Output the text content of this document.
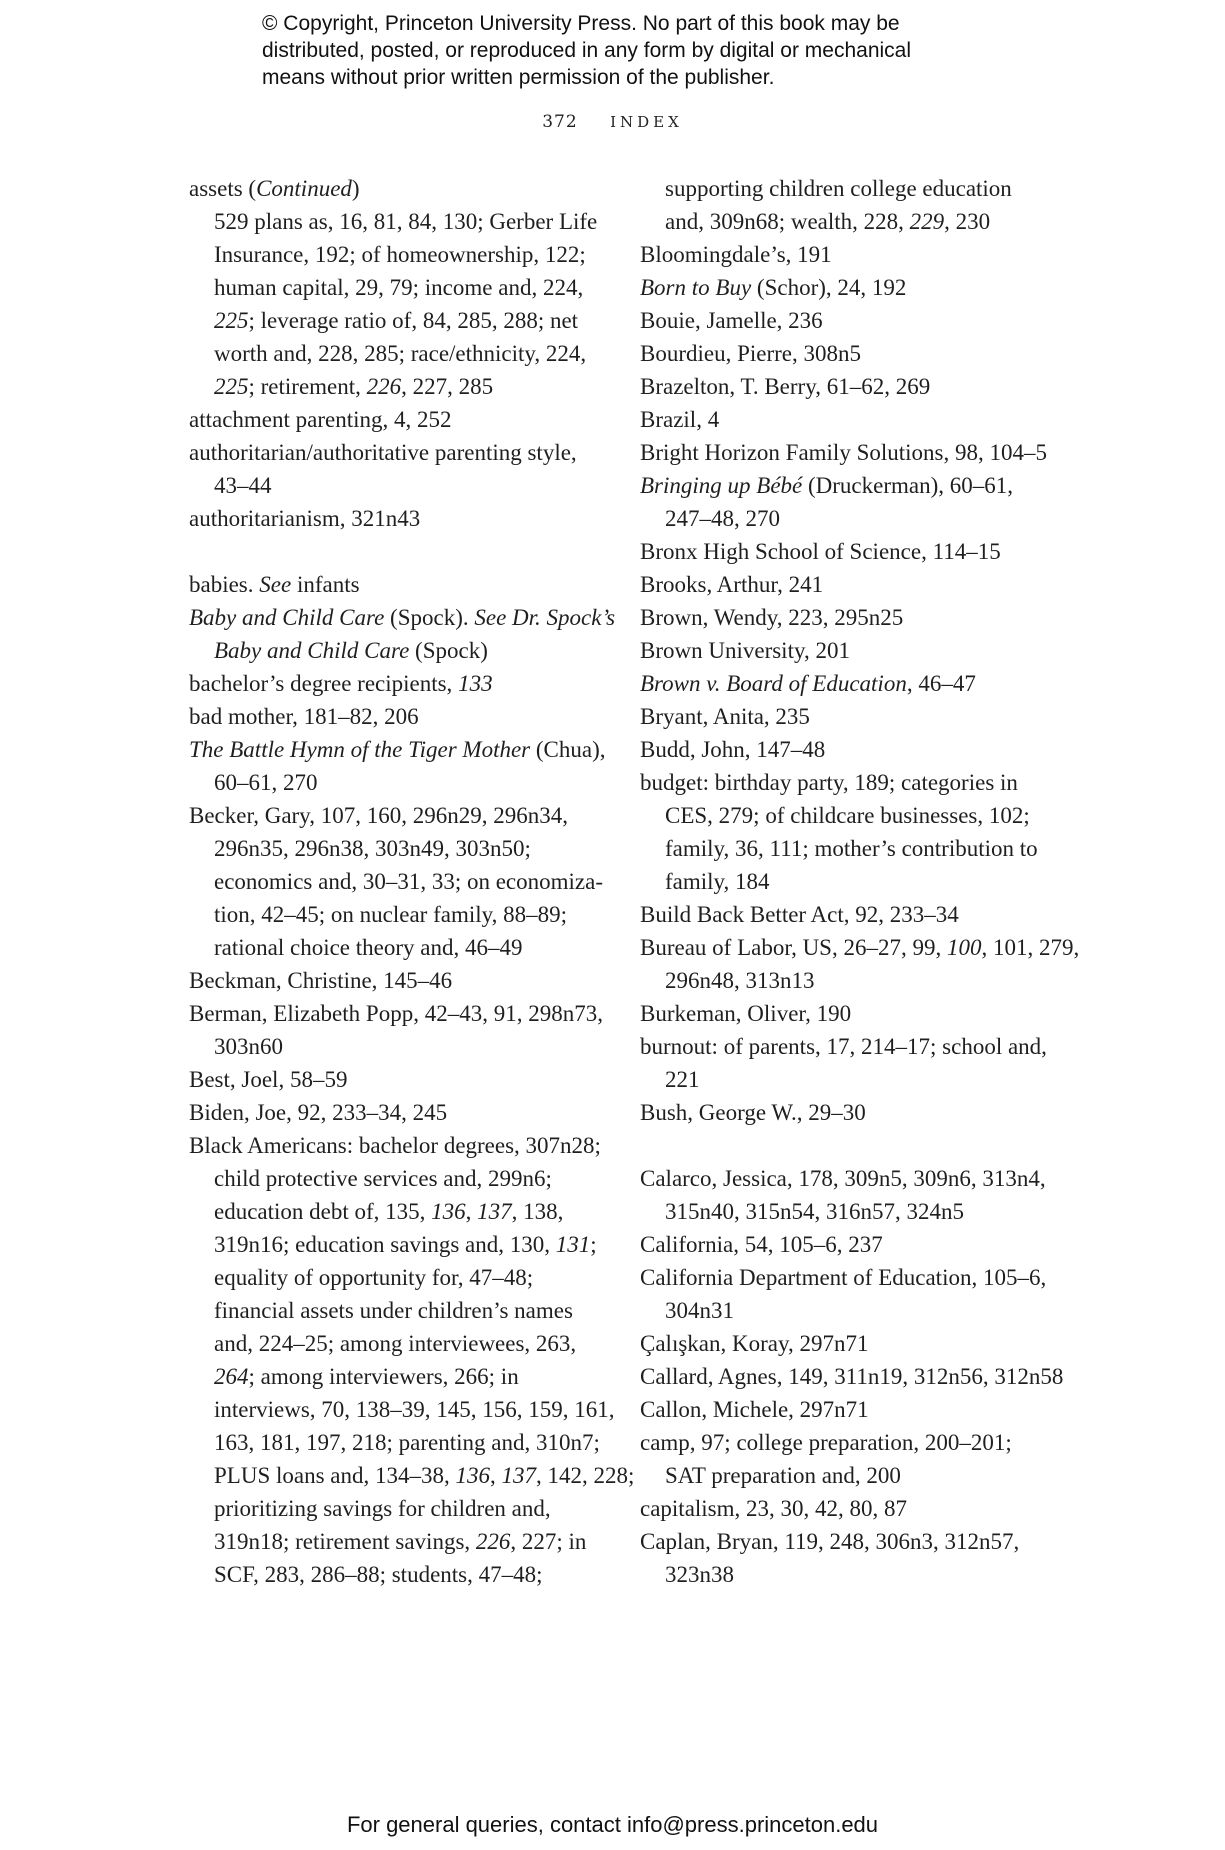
© Copyright, Princeton University Press. No part of this book may be
distributed, posted, or reproduced in any form by digital or mechanical
means without prior written permission of the publisher.
372 INDEX
assets (Continued)
529 plans as, 16, 81, 84, 130; Gerber Life
Insurance, 192; of homeownership, 122;
human capital, 29, 79; income and, 224,
225; leverage ratio of, 84, 285, 288; net
worth and, 228, 285; race/ethnicity, 224,
225; retirement, 226, 227, 285
attachment parenting, 4, 252
authoritarian/authoritative parenting style,
43–44
authoritarianism, 321n43
babies. See infants
Baby and Child Care (Spock). See Dr. Spock’s
Baby and Child Care (Spock)
bachelor’s degree recipients, 133
bad mother, 181–82, 206
The Battle Hymn of the Tiger Mother (Chua),
60–61, 270
Becker, Gary, 107, 160, 296n29, 296n34,
296n35, 296n38, 303n49, 303n50;
economics and, 30–31, 33; on economiza-
tion, 42–45; on nuclear family, 88–89;
rational choice theory and, 46–49
Beckman, Christine, 145–46
Berman, Elizabeth Popp, 42–43, 91, 298n73,
303n60
Best, Joel, 58–59
Biden, Joe, 92, 233–34, 245
Black Americans: bachelor degrees, 307n28;
child protective services and, 299n6;
education debt of, 135, 136, 137, 138,
319n16; education savings and, 130, 131;
equality of opportunity for, 47–48;
financial assets under children’s names
and, 224–25; among interviewees, 263,
264; among interviewers, 266; in
interviews, 70, 138–39, 145, 156, 159, 161,
163, 181, 197, 218; parenting and, 310n7;
PLUS loans and, 134–38, 136, 137, 142, 228;
prioritizing savings for children and,
319n18; retirement savings, 226, 227; in
SCF, 283, 286–88; students, 47–48;
supporting children college education
and, 309n68; wealth, 228, 229, 230
Bloomingdale’s, 191
Born to Buy (Schor), 24, 192
Bouie, Jamelle, 236
Bourdieu, Pierre, 308n5
Brazelton, T. Berry, 61–62, 269
Brazil, 4
Bright Horizon Family Solutions, 98, 104–5
Bringing up Bébé (Druckerman), 60–61,
247–48, 270
Bronx High School of Science, 114–15
Brooks, Arthur, 241
Brown, Wendy, 223, 295n25
Brown University, 201
Brown v. Board of Education, 46–47
Bryant, Anita, 235
Budd, John, 147–48
budget: birthday party, 189; categories in
CES, 279; of childcare businesses, 102;
family, 36, 111; mother’s contribution to
family, 184
Build Back Better Act, 92, 233–34
Bureau of Labor, US, 26–27, 99, 100, 101, 279,
296n48, 313n13
Burkeman, Oliver, 190
burnout: of parents, 17, 214–17; school and,
221
Bush, George W., 29–30
Calarco, Jessica, 178, 309n5, 309n6, 313n4,
315n40, 315n54, 316n57, 324n5
California, 54, 105–6, 237
California Department of Education, 105–6,
304n31
Çalışkan, Koray, 297n71
Callard, Agnes, 149, 311n19, 312n56, 312n58
Callon, Michele, 297n71
camp, 97; college preparation, 200–201;
SAT preparation and, 200
capitalism, 23, 30, 42, 80, 87
Caplan, Bryan, 119, 248, 306n3, 312n57,
323n38
For general queries, contact info@press.princeton.edu
